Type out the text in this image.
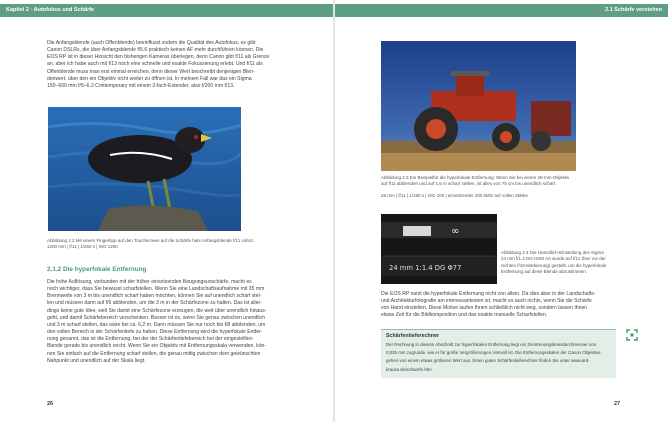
Kapitel 2 · Autofokus und Schärfe	2.1 Schärfe verstehen
Die Anfangsblende (auch Offenblende) beeinflusst zudem die Qualität des Autofokus, es gibt
Canon DSLRs, die über Anfangsblende f/5.6 praktisch keinen AF mehr durchführen können. Die
EOS RP ist in dieser Hinsicht den bisherigen Kameras überlegen, denn Canon gibt f/11 als Grenze
an, aber ich habe auch mit f/13 noch eine schnelle und exakte Fokussierung erlebt. Und f/11 als
Offenblende muss man erst einmal erreichen, denn dieser Wert beschreibt denjenigen Blen-
denwert, über den ein Objektiv nicht weiter zu öffnen ist. In meinem Fall war das ein Sigma
150–600 mm f/5–6.3 Contemporary mit einem 2-fach-Extender, also f/200 mm f/13.
Abbildung 2.2 Mit einem Fingertipp auf den Touchscreen auf die Schärfe hats Anfangsblende f/11 sofort.
1200 mm | f/11 | 1/250 s | ISO 1200
2.1.2 Die hyperfokale Entfernung
Die hohe Auflösung, verbunden mit der früher einsetzenden Beugungsunschärfe, macht es
noch wichtiger, dass Sie bewusst scharfstellen. Wenn Sie eine Landschaftsaufnahme mit 35 mm
Brennweite von 3 m bis unendlich scharf haben möchten, können Sie auf unendlich scharf stel-
len und müssen dann auf f/6 abblenden, um die 3 m in der Schärfezone zu halten. Das ist aller-
dings keine gute Idee, weil Sie damit eine Schärfezone erzeugen, die weit über unendlich hinaus-
geht, und damit Schärfebereich verschenken. Besser ist es, wenn Sie genau zwischen unendlich
und 3 m scharf stellen, das wäre bei ca. 6,2 m. Dann müssen Sie nur noch bis f/8 abblenden, um
den vollen Bereich in der Schärfentiefe zu haben. Diese Entfernung wird die hyperfokale Entfer-
nung genannt, das ist die Entfernung, bei der der Schärfentiefebereich bei der eingestellten
Blende gerade bis unendlich reicht. Wenn Sie ein Objektiv mit Entfernungsskala verwenden, kön-
nen Sie einfach auf die Entfernung scharf stellen, die genau mittig zwischen dem gewünschten
Nahpunkt und unendlich auf der Skala liegt.
26
Abbildung 2.3 Ein Beispielfür die hyperfokale Entfernung: Wenn Sie bei einem 28-mm-Objektiv
auf f/11 abblenden und auf 1,5 m scharf stellen, ist alles von 75 cm bis unendlich scharf.
28 mm | f/11 | 1/180 s | ISO 100 | einsetzender 200 kMtz auf vollen Stärke
∞
24 mm 1:1.4 DG Φ77
Abbildung 2.4 Die Unendlich-Einstellung des Sigma
24 mm f/1.4 DG HSM Art wurde auf f/11 (hier vor der
rechten f/16-Markierung) gestellt, um die hyperfokale
Entfernung auf diese Blende abzustimmen.
Die EOS RP nutzt die hyperfokale Entfernung nicht von allein. Da dies aber in der Landschafts-
und Architekturfotografie am interessantesten ist, macht es auch nichts, wenn Sie die Schärfe
von Hand einstellen. Diese Motive laufen Ihnen schließlich nicht weg, sondern lassen Ihnen
etwas Zeit für die Bildkomposition und das exakte manuelle Scharfstellen.
Schärfentieferechner
Der Rechnung in diesem Abschnitt zur hyperfokalen Entfernung liegt ein Zerstreuungskreisdurchmesser von
0,025 mm zugrunde, wie er für große Vergrößerungen sinnvoll ist. Die Entfernungsskalen der Canon Objektive
gehen von einem etwas größeren Wert aus. Einen guten Schärfentieferechner finden Sie unter www.ard-
krauss.de/schaerfe.htm.
27
